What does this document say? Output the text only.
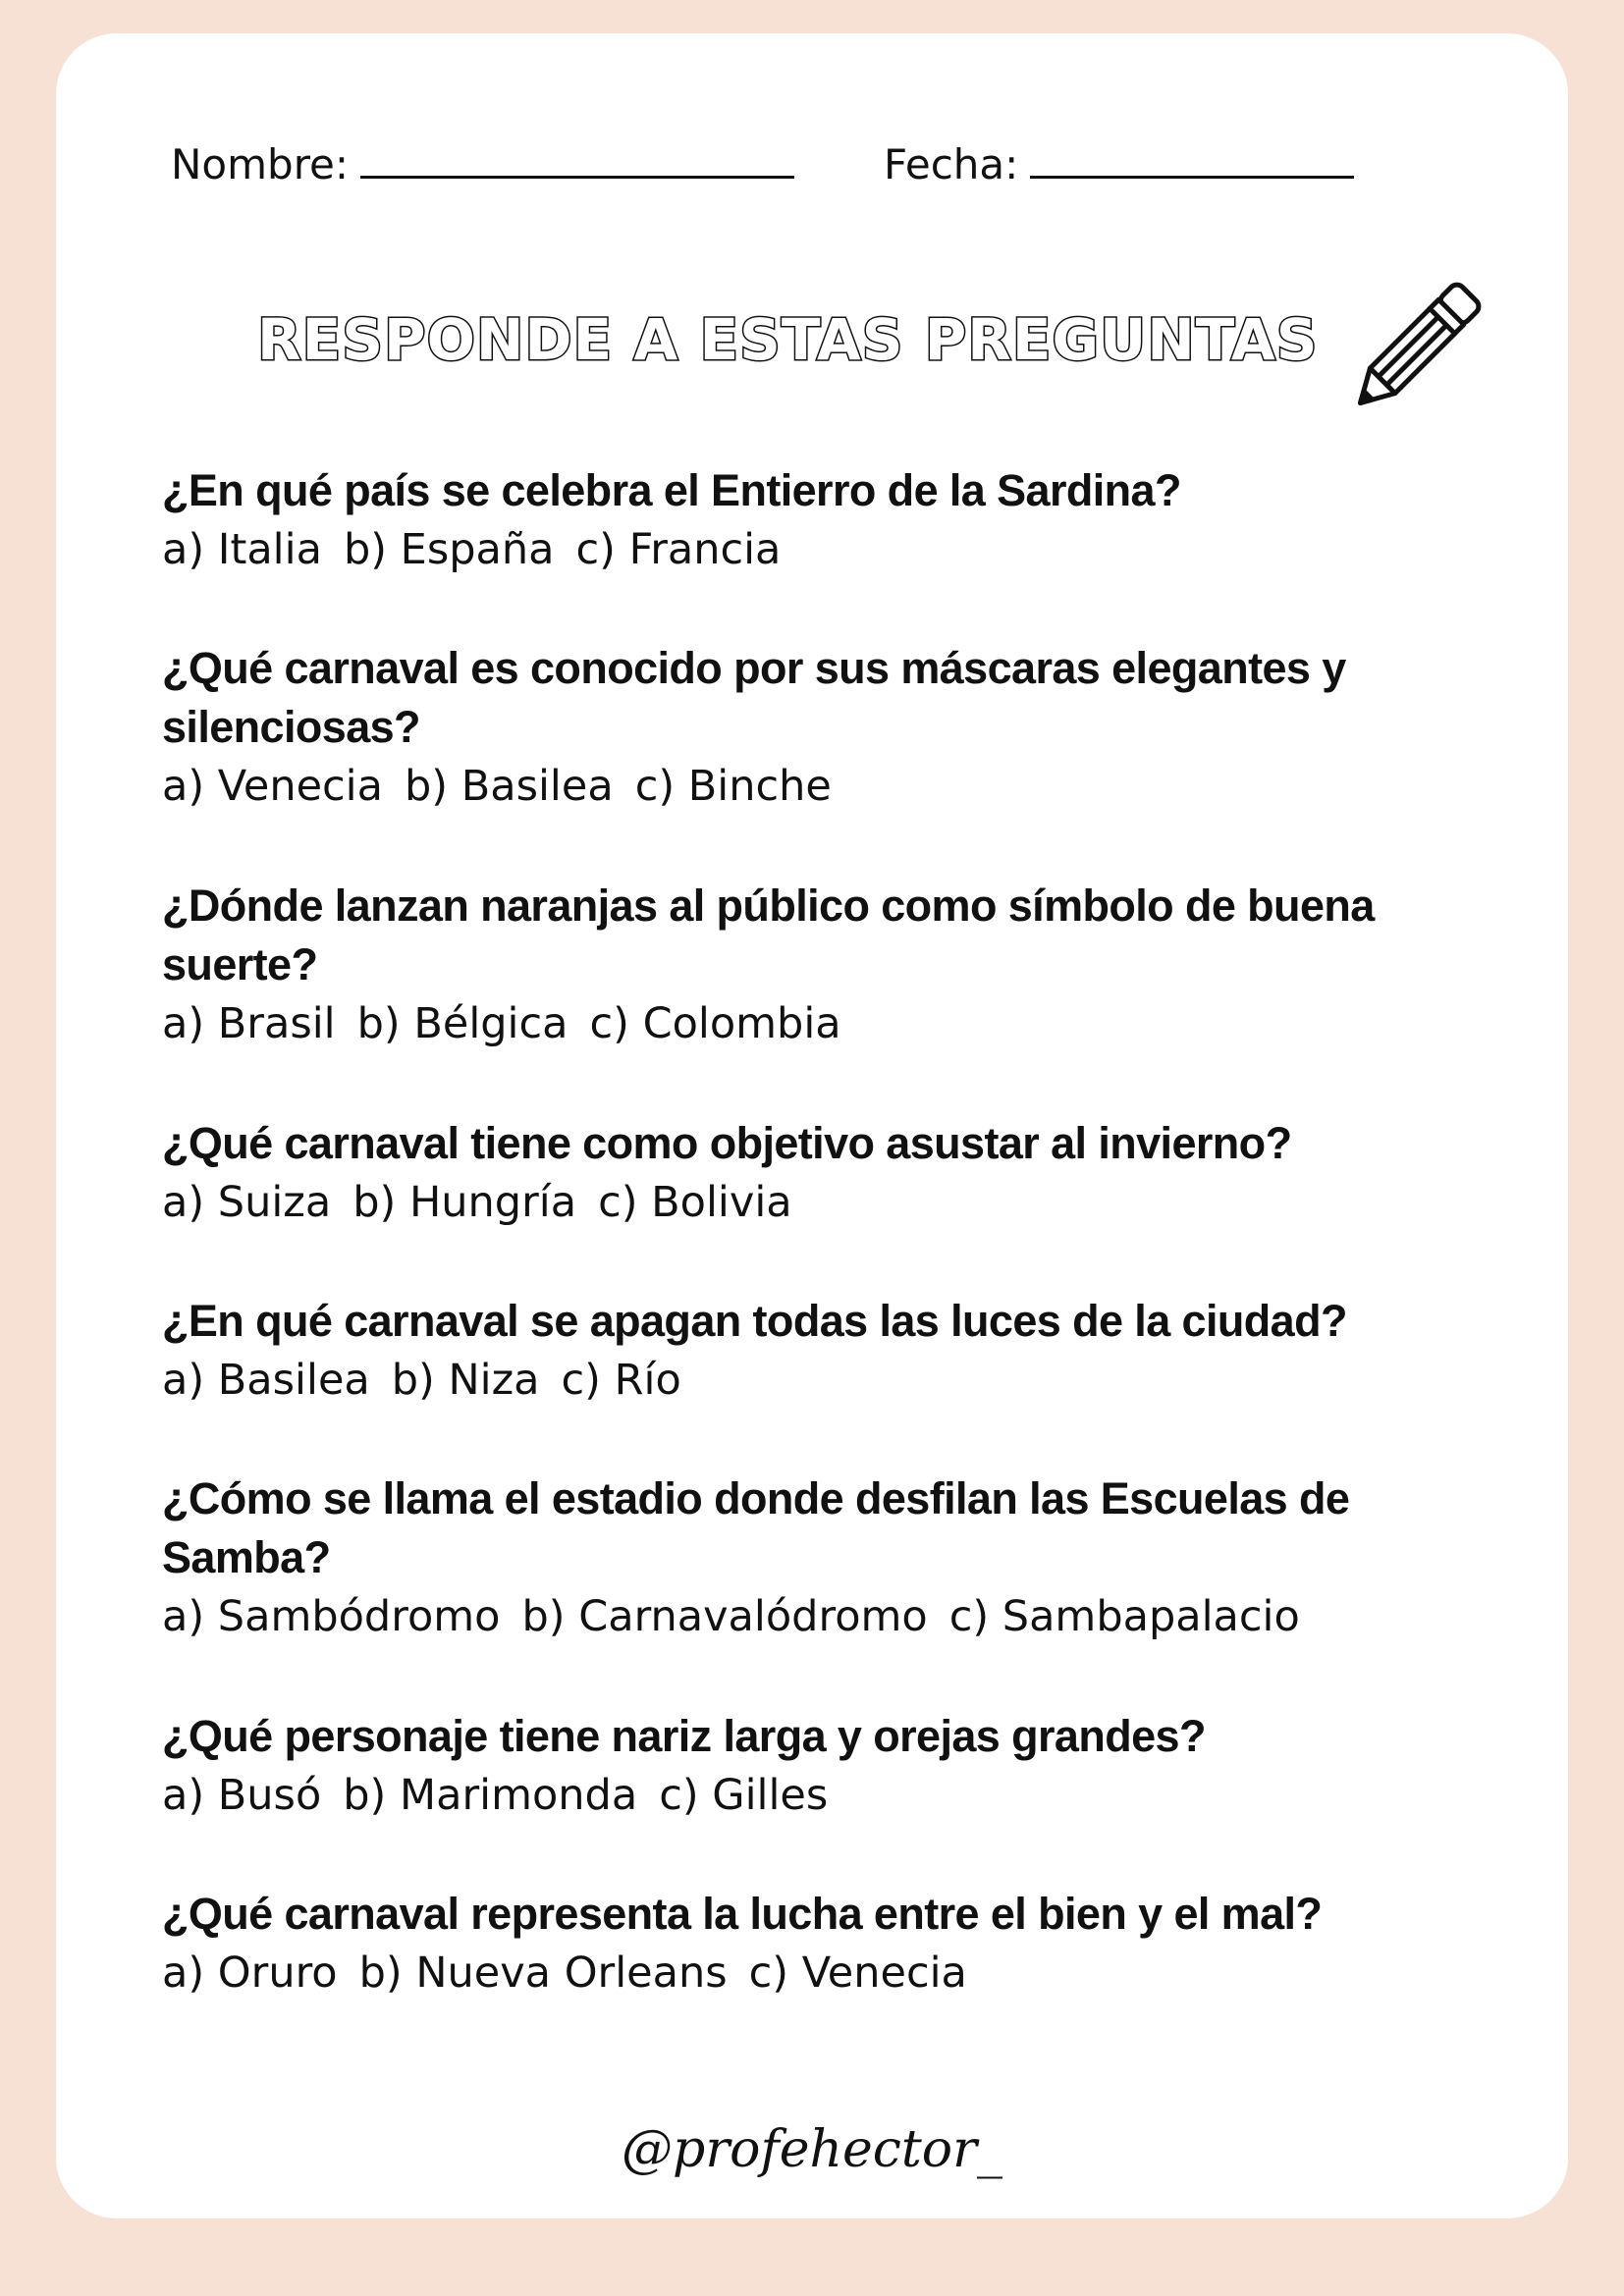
Nombre:	Fecha:
RESPONDE A ESTAS PREGUNTAS
¿En qué país se celebra el Entierro de la Sardina?
a) Italia b) España c) Francia
¿Qué carnaval es conocido por sus máscaras elegantes y silenciosas?
a) Venecia b) Basilea c) Binche
¿Dónde lanzan naranjas al público como símbolo de buena suerte?
a) Brasil b) Bélgica c) Colombia
¿Qué carnaval tiene como objetivo asustar al invierno?
a) Suiza b) Hungría c) Bolivia
¿En qué carnaval se apagan todas las luces de la ciudad?
a) Basilea b) Niza c) Río
¿Cómo se llama el estadio donde desfilan las Escuelas de Samba?
a) Sambódromo b) Carnavalódromo c) Sambapalacio
¿Qué personaje tiene nariz larga y orejas grandes?
a) Busó b) Marimonda c) Gilles
¿Qué carnaval representa la lucha entre el bien y el mal?
a) Oruro b) Nueva Orleans c) Venecia
@profehector_
